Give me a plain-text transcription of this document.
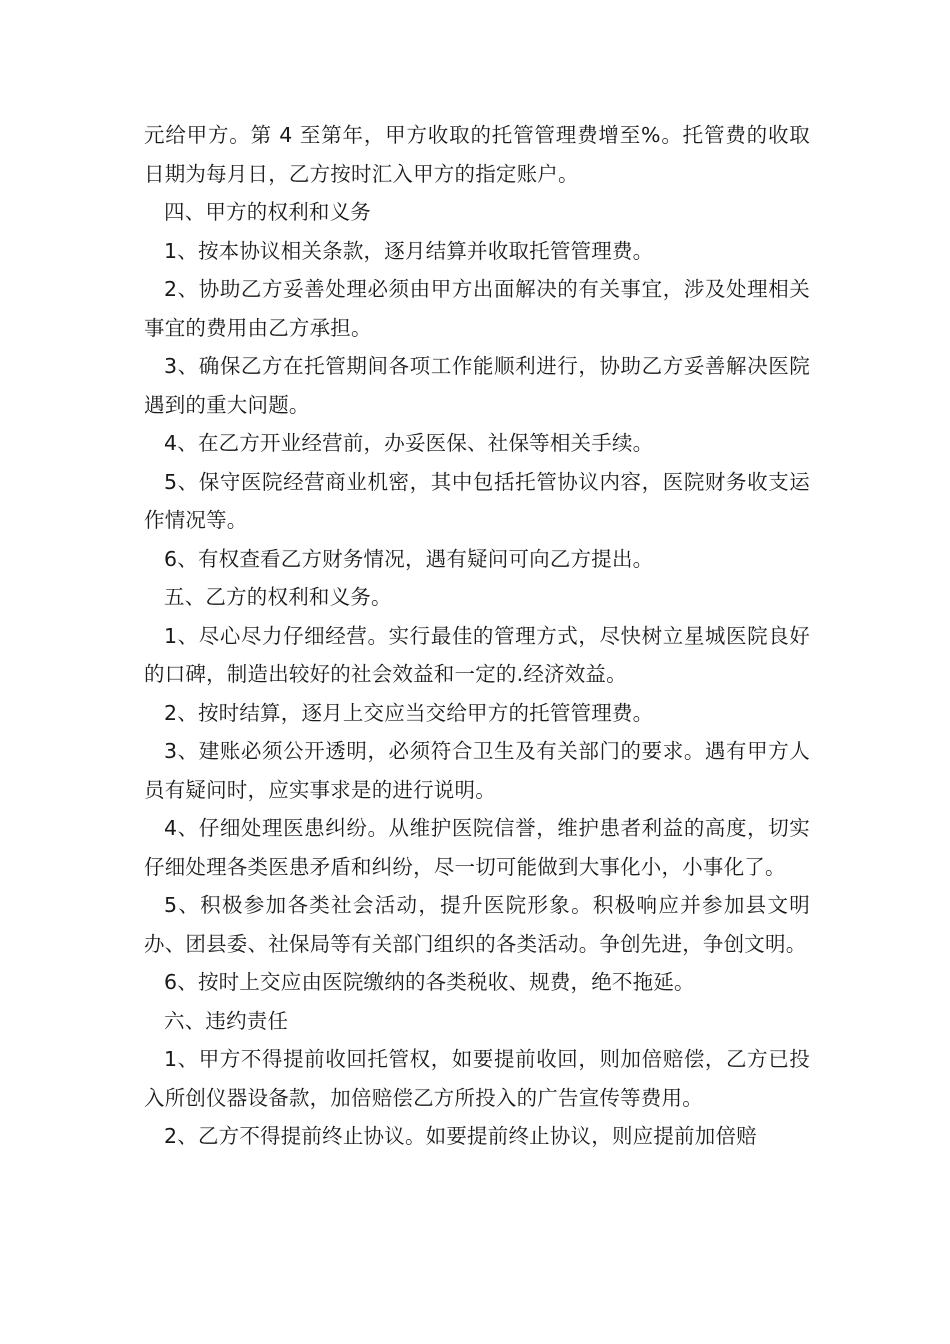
元给甲方。第 4 至第年，甲方收取的托管管理费增至%。托管费的收取日期为每月日，乙方按时汇入甲方的指定账户。

四、甲方的权利和义务

1、按本协议相关条款，逐月结算并收取托管管理费。

2、协助乙方妥善处理必须由甲方出面解决的有关事宜，涉及处理相关事宜的费用由乙方承担。

3、确保乙方在托管期间各项工作能顺利进行，协助乙方妥善解决医院遇到的重大问题。

4、在乙方开业经营前，办妥医保、社保等相关手续。

5、保守医院经营商业机密，其中包括托管协议内容，医院财务收支运作情况等。

6、有权查看乙方财务情况，遇有疑问可向乙方提出。

五、乙方的权利和义务。

1、尽心尽力仔细经营。实行最佳的管理方式，尽快树立星城医院良好的口碑，制造出较好的社会效益和一定的.经济效益。

2、按时结算，逐月上交应当交给甲方的托管管理费。

3、建账必须公开透明，必须符合卫生及有关部门的要求。遇有甲方人员有疑问时，应实事求是的进行说明。

4、仔细处理医患纠纷。从维护医院信誉，维护患者利益的高度，切实仔细处理各类医患矛盾和纠纷，尽一切可能做到大事化小，小事化了。

5、积极参加各类社会活动，提升医院形象。积极响应并参加县文明办、团县委、社保局等有关部门组织的各类活动。争创先进，争创文明。

6、按时上交应由医院缴纳的各类税收、规费，绝不拖延。

六、违约责任

1、甲方不得提前收回托管权，如要提前收回，则加倍赔偿，乙方已投入所创仪器设备款，加倍赔偿乙方所投入的广告宣传等费用。

2、乙方不得提前终止协议。如要提前终止协议，则应提前加倍赔
